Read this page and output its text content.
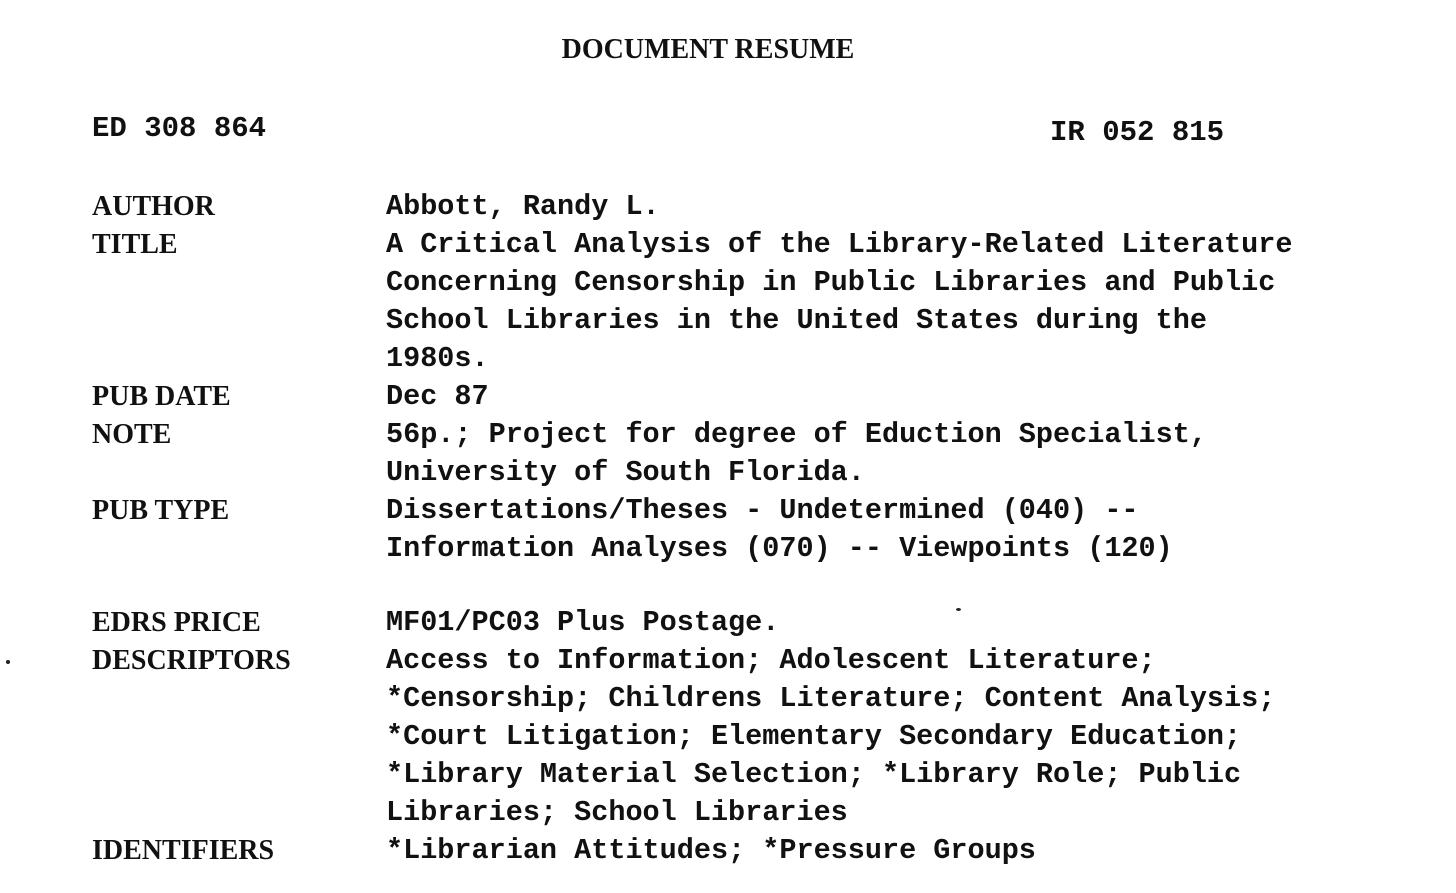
DOCUMENT RESUME
ED 308 864	IR 052 815
AUTHOR	Abbott, Randy L.
TITLE	A Critical Analysis of the Library-Related Literature
Concerning Censorship in Public Libraries and Public
School Libraries in the United States during the
1980s.
PUB DATE	Dec 87
NOTE	56p.; Project for degree of Eduction Specialist,
University of South Florida.
PUB TYPE	Dissertations/Theses - Undetermined (040) --
Information Analyses (070) -- Viewpoints (120)
EDRS PRICE	MF01/PC03 Plus Postage.
DESCRIPTORS	Access to Information; Adolescent Literature;
*Censorship; Childrens Literature; Content Analysis;
*Court Litigation; Elementary Secondary Education;
*Library Material Selection; *Library Role; Public
Libraries; School Libraries
IDENTIFIERS	*Librarian Attitudes; *Pressure Groups
